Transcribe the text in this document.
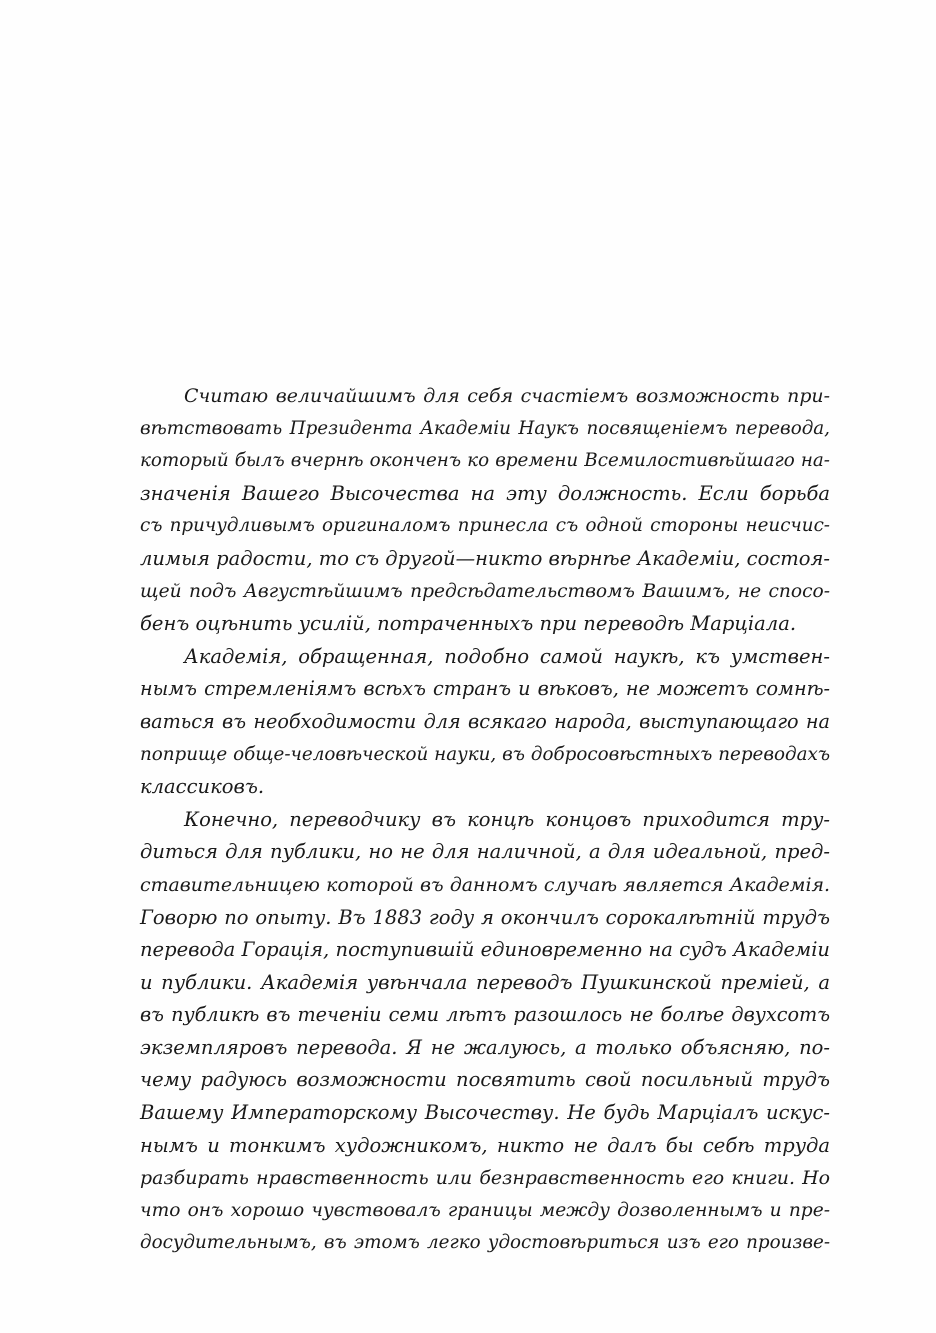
Считаю величайшимъ для себя счастіемъ возможность при-
вѣтствовать Президента Академіи Наукъ посвященіемъ перевода,
который былъ вчернѣ оконченъ ко времени Всемилостивѣйшаго на-
значенія Вашего Высочества на эту должность. Если борьба
съ причудливымъ оригиналомъ принесла съ одной стороны неисчис-
лимыя радости, то съ другой—никто вѣрнѣе Академіи, состоя-
щей подъ Августѣйшимъ предсѣдательствомъ Вашимъ, не спосо-
бенъ оцѣнить усилій, потраченныхъ при переводѣ Марціала.
Академія, обращенная, подобно самой наукѣ, къ умствен-
нымъ стремленіямъ всѣхъ странъ и вѣковъ, не можетъ сомнѣ-
ваться въ необходимости для всякаго народа, выступающаго на
поприще обще-человѣческой науки, въ добросовѣстныхъ переводахъ
классиковъ.
Конечно, переводчику въ концѣ концовъ приходится тру-
диться для публики, но не для наличной, а для идеальной, пред-
ставительницею которой въ данномъ случаѣ является Академія.
Говорю по опыту. Въ 1883 году я окончилъ сорокалѣтній трудъ
перевода Горація, поступившій единовременно на судъ Академіи
и публики. Академія увѣнчала переводъ Пушкинской преміей, а
въ публикѣ въ теченіи семи лѣтъ разошлось не болѣе двухсотъ
экземпляровъ перевода. Я не жалуюсь, а только объясняю, по-
чему радуюсь возможности посвятить свой посильный трудъ
Вашему Императорскому Высочеству. Не будь Марціалъ искус-
нымъ и тонкимъ художникомъ, никто не далъ бы себѣ труда
разбирать нравственность или безнравственность его книги. Но
что онъ хорошо чувствовалъ границы между дозволеннымъ и пре-
досудительнымъ, въ этомъ легко удостовѣриться изъ его произве-
